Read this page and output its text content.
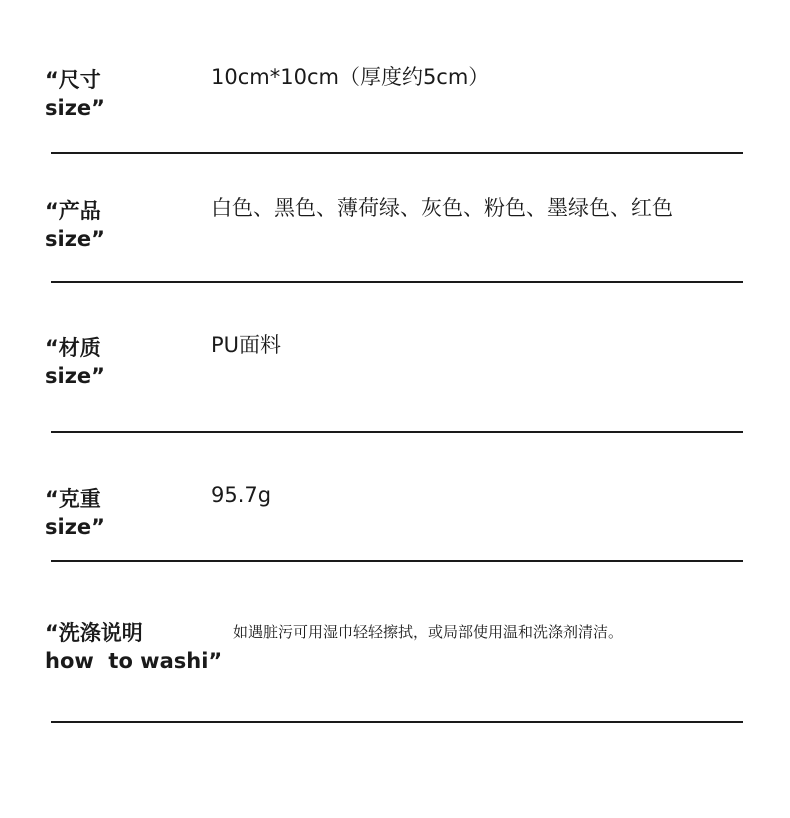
“尺寸
size”
10cm*10cm（厚度约5cm）
“产品
size”
白色、黑色、薄荷绿、灰色、粉色、墨绿色、红色
“材质
size”
PU面料
“克重
size”
95.7g
“洗涤说明
how  to washi”
如遇脏污可用湿巾轻轻擦拭，或局部使用温和洗涤剂清洁。
